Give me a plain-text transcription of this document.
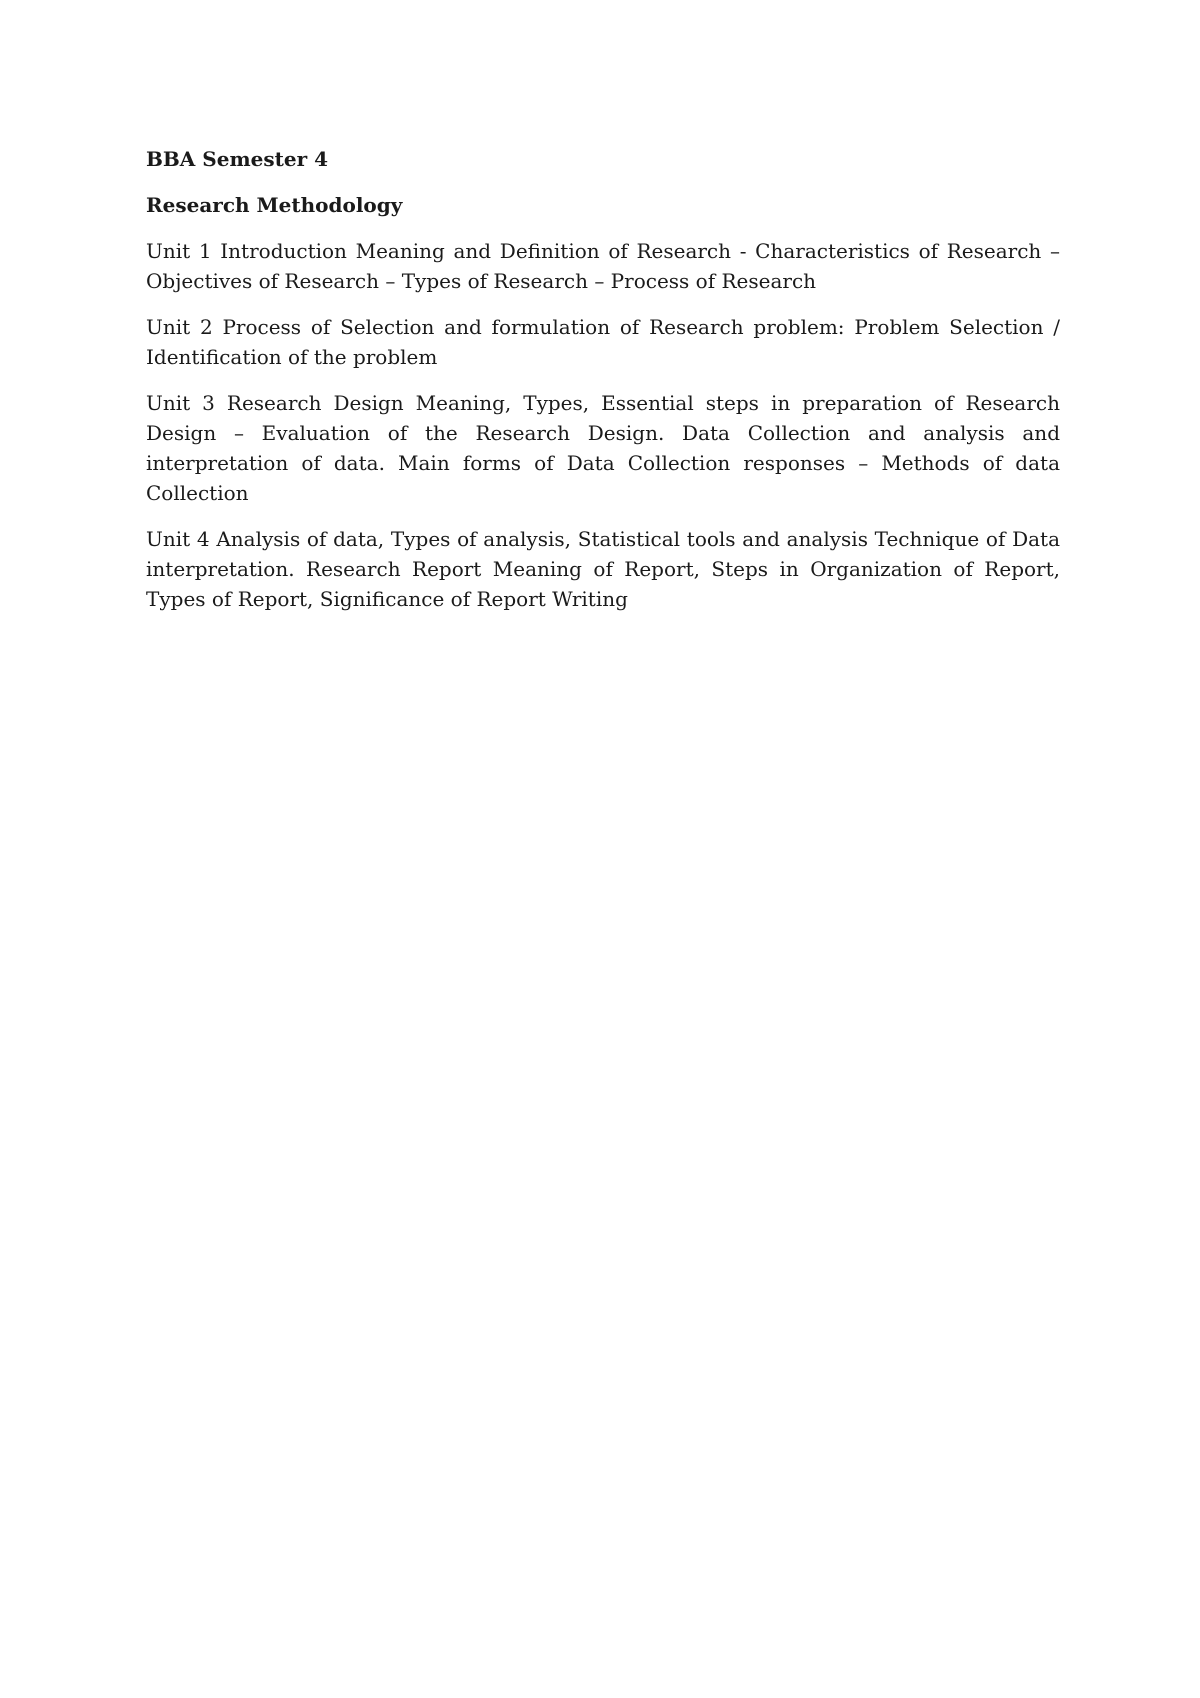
BBA Semester 4

Research Methodology

Unit 1 Introduction Meaning and Definition of Research - Characteristics of Research – Objectives of Research – Types of Research – Process of Research

Unit 2 Process of Selection and formulation of Research problem: Problem Selection / Identification of the problem

Unit 3 Research Design Meaning, Types, Essential steps in preparation of Research Design – Evaluation of the Research Design. Data Collection and analysis and interpretation of data. Main forms of Data Collection responses – Methods of data Collection

Unit 4 Analysis of data, Types of analysis, Statistical tools and analysis Technique of Data interpretation. Research Report Meaning of Report, Steps in Organization of Report, Types of Report, Significance of Report Writing
